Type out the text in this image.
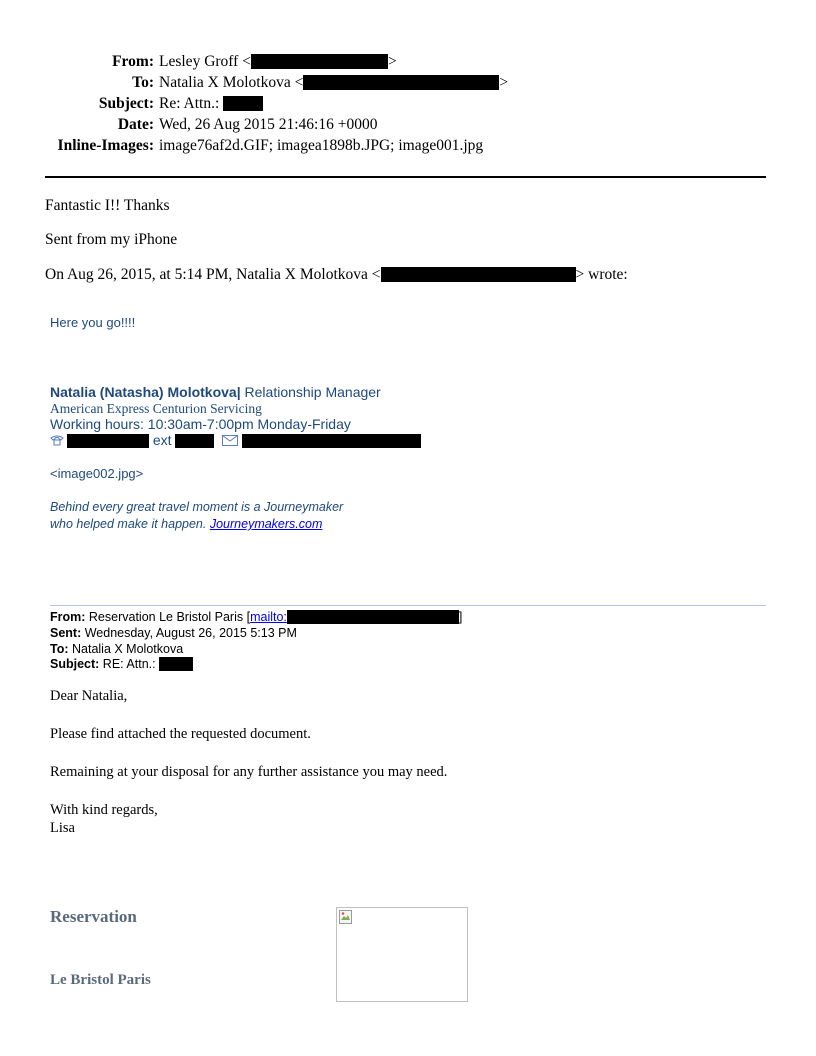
From: Lesley Groff <	>
To: Natalia X Molotkova <	>
Subject: Re: Attn.:
Date: Wed, 26 Aug 2015 21:46:16 +0000
Inline-Images: image76af2d.GIF; imagea1898b.JPG; image001.jpg
Fantastic I!! Thanks
Sent from my iPhone
On Aug 26, 2015, at 5:14 PM, Natalia X Molotkova <	> wrote:
Here you go!!!!
Natalia (Natasha) Molotkova| Relationship Manager
American Express Centurion Servicing
Working hours: 10:30am-7:00pm Monday-Friday
ext
<image002.jpg>
Behind every great travel moment is a Journeymaker
who helped make it happen. Journeymakers.com
From: Reservation Le Bristol Paris [mailto:	]
Sent: Wednesday, August 26, 2015 5:13 PM
To: Natalia X Molotkova
Subject: RE: Attn.:
Dear Natalia,
Please find attached the requested document.
Remaining at your disposal for any further assistance you may need.
With kind regards,
Lisa
Reservation
Le Bristol Paris
